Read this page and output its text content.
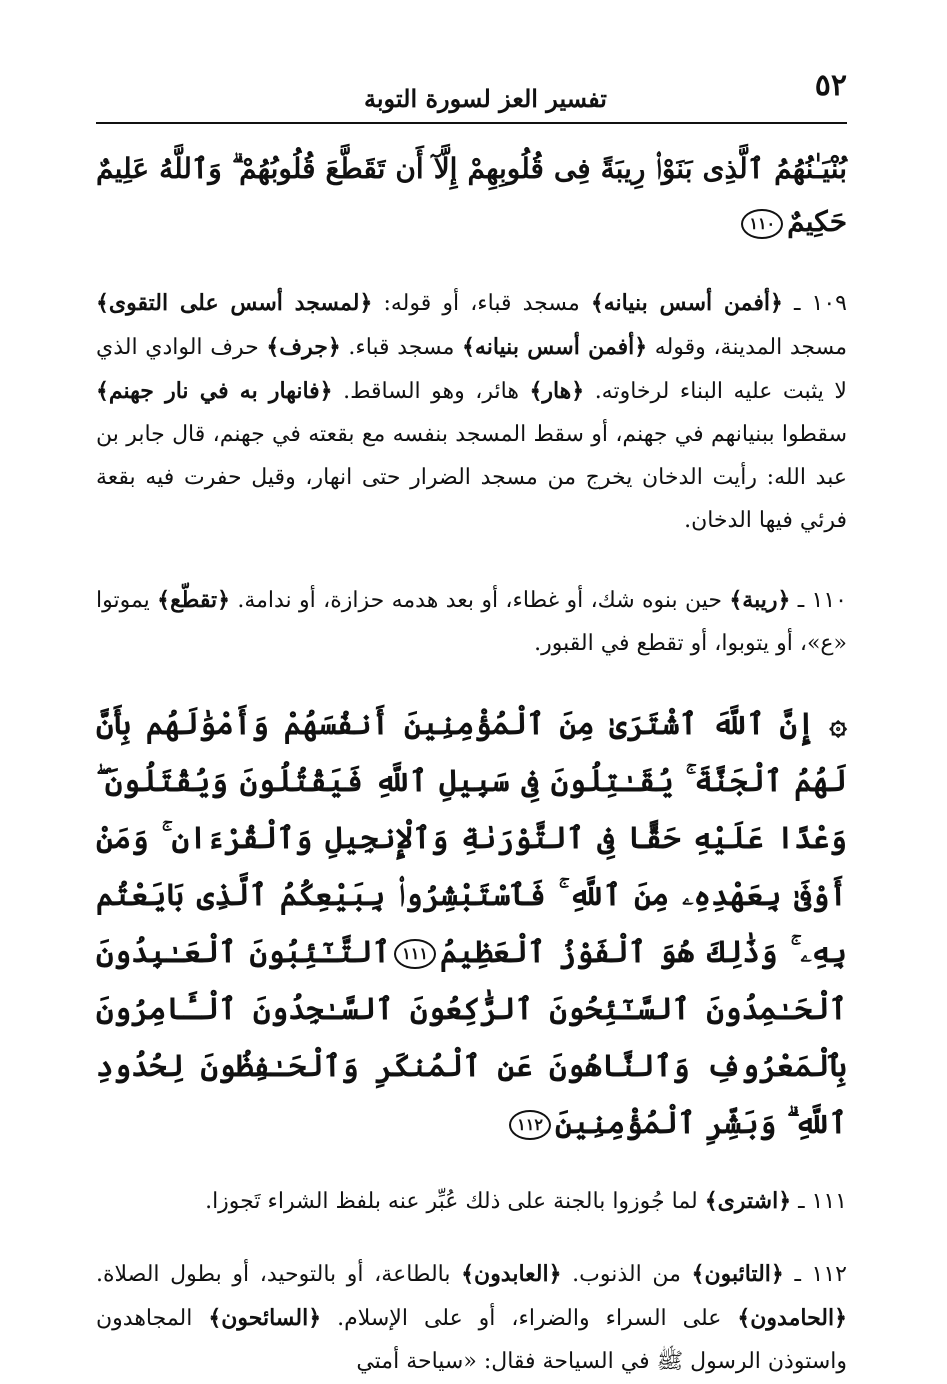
٥٢
تفسير العز لسورة التوبة

بُنْيَـٰنُهُمُ ٱلَّذِى بَنَوْا۟ رِيبَةً فِى قُلُوبِهِمْ إِلَّآ أَن تَقَطَّعَ قُلُوبُهُمْ ۗ وَٱللَّهُ عَلِيمٌ حَكِيمٌ١١٠

١٠٩ ـ ﴿أفمن أسس بنيانه﴾ مسجد قباء، أو قوله: ﴿لمسجد أسس على التقوى﴾ مسجد المدينة، وقوله ﴿أفمن أسس بنيانه﴾ مسجد قباء. ﴿جرف﴾ حرف الوادي الذي لا يثبت عليه البناء لرخاوته. ﴿هار﴾ هائر، وهو الساقط. ﴿فانهار به في نار جهنم﴾ سقطوا ببنيانهم في جهنم، أو سقط المسجد بنفسه مع بقعته في جهنم، قال جابر بن عبد الله: رأيت الدخان يخرج من مسجد الضرار حتى انهار، وقيل حفرت فيه بقعة فرئي فيها الدخان.

١١٠ ـ ﴿ريبة﴾ حين بنوه شك، أو غطاء، أو بعد هدمه حزازة، أو ندامة. ﴿تقطّع﴾ يموتوا «ع»، أو يتوبوا، أو تقطع في القبور.

۞ إِنَّ ٱللَّهَ ٱشْتَرَىٰ مِنَ ٱلْمُؤْمِنِينَ أَنفُسَهُمْ وَأَمْوَٰلَهُم بِأَنَّ لَهُمُ ٱلْجَنَّةَ ۚ يُقَـٰتِلُونَ فِى سَبِيلِ ٱللَّهِ فَيَقْتُلُونَ وَيُقْتَلُونَ ۖ وَعْدًا عَلَيْهِ حَقًّا فِى ٱلتَّوْرَىٰةِ وَٱلْإِنجِيلِ وَٱلْقُرْءَانِ ۚ وَمَنْ أَوْفَىٰ بِعَهْدِهِۦ مِنَ ٱللَّهِ ۚ فَٱسْتَبْشِرُوا۟ بِبَيْعِكُمُ ٱلَّذِى بَايَعْتُم بِهِۦ ۚ وَذَٰلِكَ هُوَ ٱلْفَوْزُ ٱلْعَظِيمُ١١١ٱلتَّـٰٓئِبُونَ ٱلْعَـٰبِدُونَ ٱلْحَـٰمِدُونَ ٱلسَّـٰٓئِحُونَ ٱلرَّٰكِعُونَ ٱلسَّـٰجِدُونَ ٱلْـَٔامِرُونَ بِٱلْمَعْرُوفِ وَٱلنَّاهُونَ عَنِ ٱلْمُنكَرِ وَٱلْحَـٰفِظُونَ لِحُدُودِ ٱللَّهِ ۗ وَبَشِّرِ ٱلْمُؤْمِنِينَ١١٢

١١١ ـ ﴿اشترى﴾ لما جُوزوا بالجنة على ذلك عُبِّر عنه بلفظ الشراء تَجوزا.

١١٢ ـ ﴿التائبون﴾ من الذنوب. ﴿العابدون﴾ بالطاعة، أو بالتوحيد، أو بطول الصلاة. ﴿الحامدون﴾ على السراء والضراء، أو على الإسلام. ﴿السائحون﴾ المجاهدون واستوذن الرسول ﷺ في السياحة فقال: «سياحة أمتي
